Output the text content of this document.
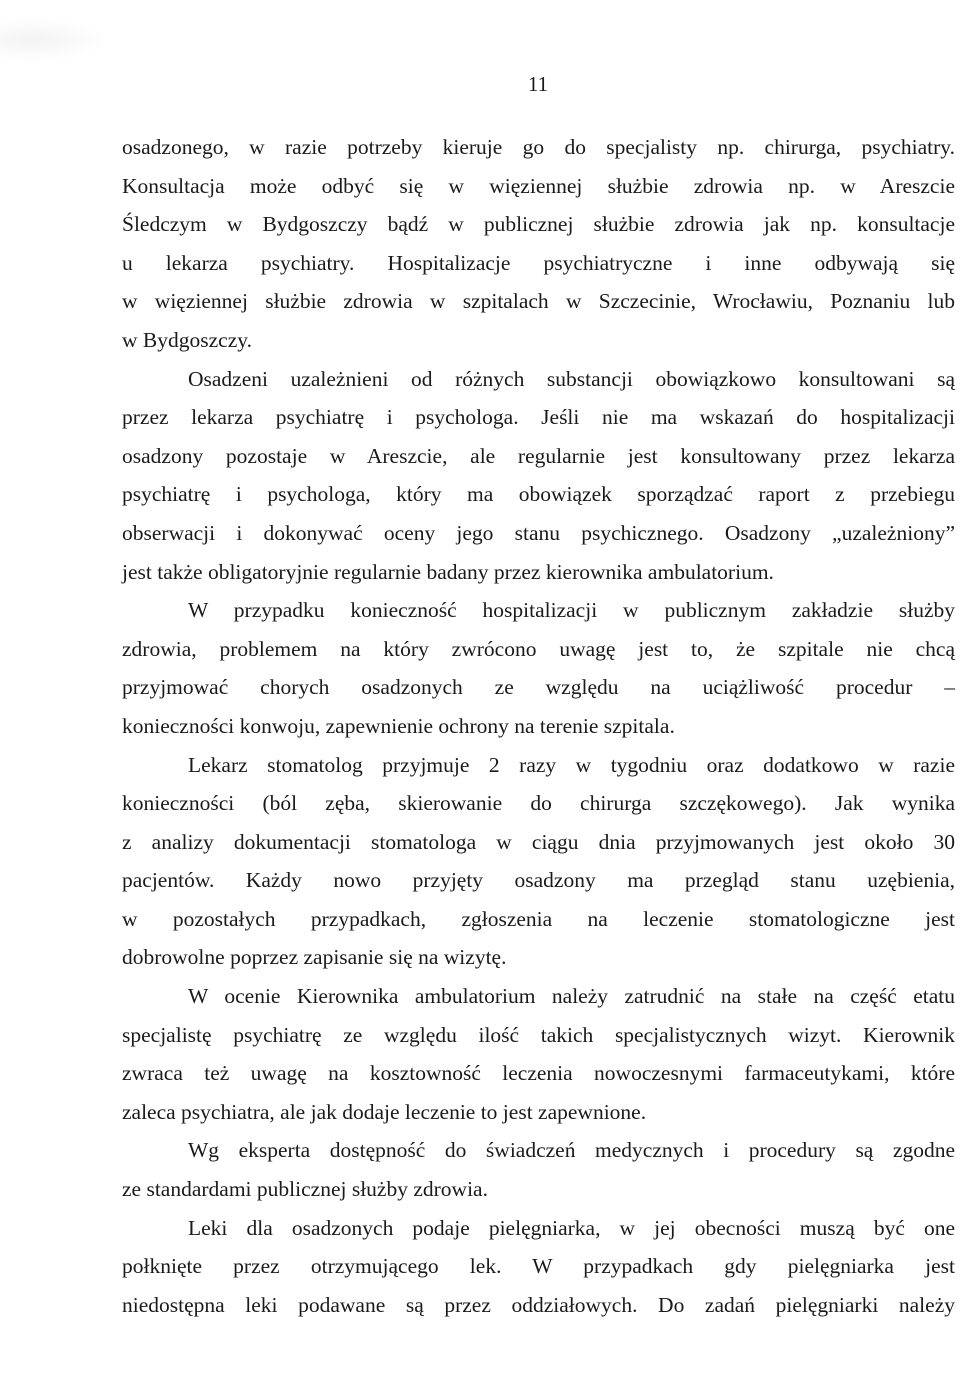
11
osadzonego, w razie potrzeby kieruje go do specjalisty np. chirurga, psychiatry.
Konsultacja może odbyć się w więziennej służbie zdrowia np. w Areszcie
Śledczym w Bydgoszczy bądź w publicznej służbie zdrowia jak np. konsultacje
u lekarza psychiatry. Hospitalizacje psychiatryczne i inne odbywają się
w więziennej służbie zdrowia w szpitalach w Szczecinie, Wrocławiu, Poznaniu lub
w Bydgoszczy.
Osadzeni uzależnieni od różnych substancji obowiązkowo konsultowani są
przez lekarza psychiatrę i psychologa. Jeśli nie ma wskazań do hospitalizacji
osadzony pozostaje w Areszcie, ale regularnie jest konsultowany przez lekarza
psychiatrę i psychologa, który ma obowiązek sporządzać raport z przebiegu
obserwacji i dokonywać oceny jego stanu psychicznego. Osadzony „uzależniony”
jest także obligatoryjnie regularnie badany przez kierownika ambulatorium.
W przypadku konieczność hospitalizacji w publicznym zakładzie służby
zdrowia, problemem na który zwrócono uwagę jest to, że szpitale nie chcą
przyjmować chorych osadzonych ze względu na uciążliwość procedur –
konieczności konwoju, zapewnienie ochrony na terenie szpitala.
Lekarz stomatolog przyjmuje 2 razy w tygodniu oraz dodatkowo w razie
konieczności (ból zęba, skierowanie do chirurga szczękowego). Jak wynika
z analizy dokumentacji stomatologa w ciągu dnia przyjmowanych jest około 30
pacjentów. Każdy nowo przyjęty osadzony ma przegląd stanu uzębienia,
w pozostałych przypadkach, zgłoszenia na leczenie stomatologiczne jest
dobrowolne poprzez zapisanie się na wizytę.
W ocenie Kierownika ambulatorium należy zatrudnić na stałe na część etatu
specjalistę psychiatrę ze względu ilość takich specjalistycznych wizyt. Kierownik
zwraca też uwagę na kosztowność leczenia nowoczesnymi farmaceutykami, które
zaleca psychiatra, ale jak dodaje leczenie to jest zapewnione.
Wg eksperta dostępność do świadczeń medycznych i procedury są zgodne
ze standardami publicznej służby zdrowia.
Leki dla osadzonych podaje pielęgniarka, w jej obecności muszą być one
połknięte przez otrzymującego lek. W przypadkach gdy pielęgniarka jest
niedostępna leki podawane są przez oddziałowych. Do zadań pielęgniarki należy
